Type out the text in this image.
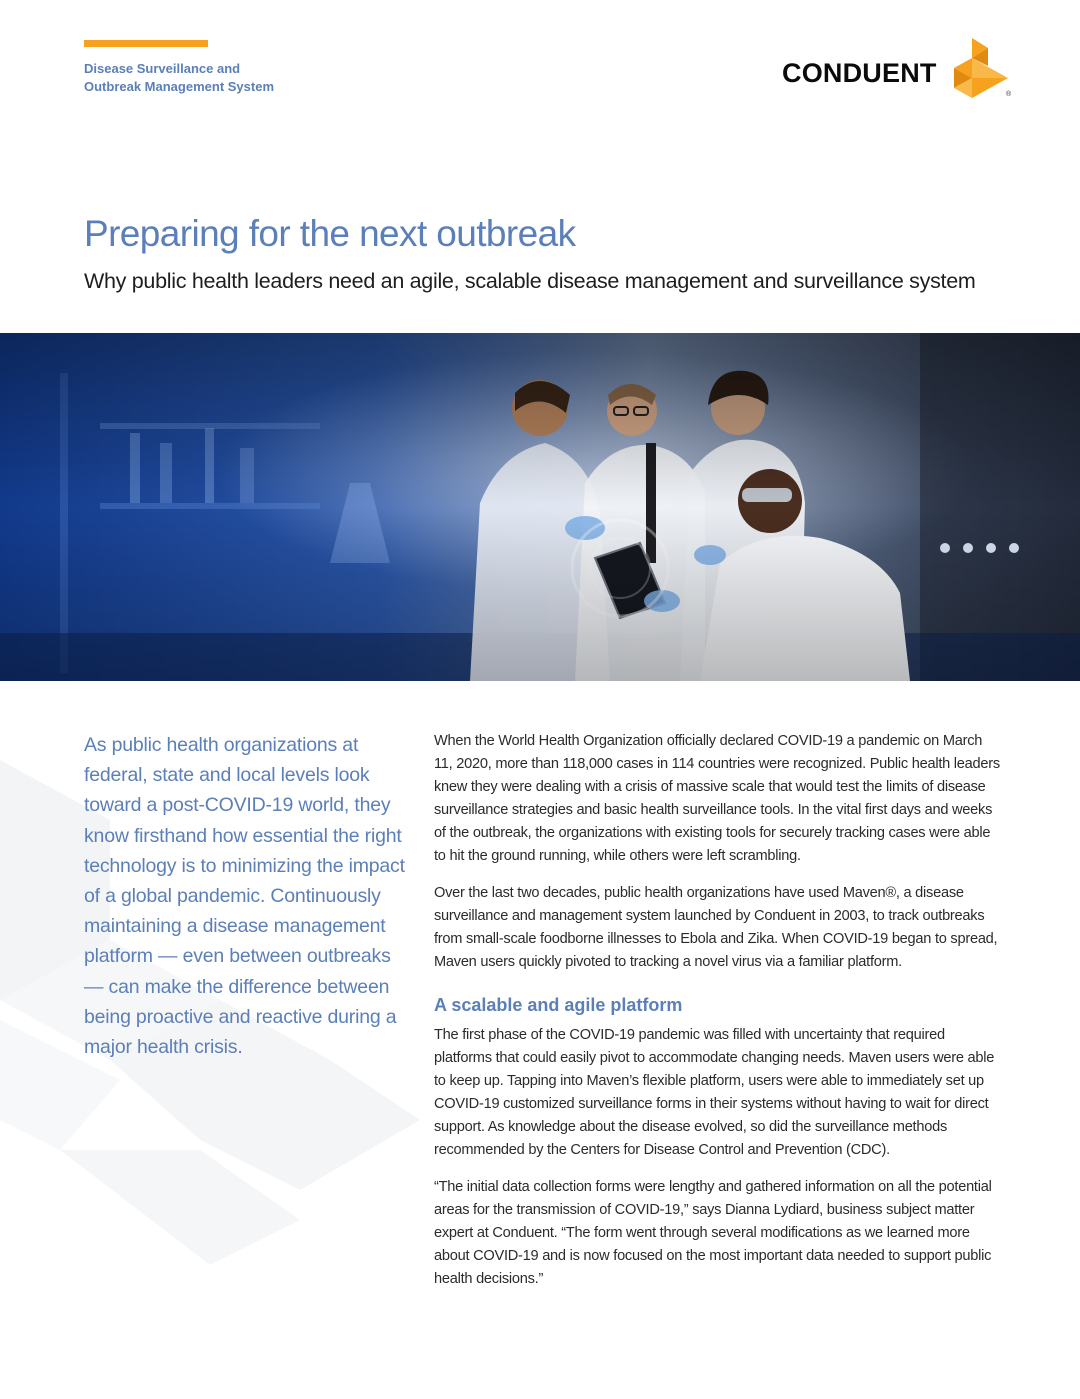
Disease Surveillance and
Outbreak Management System	CONDUENT
®
Preparing for the next outbreak

Why public health leaders need an agile, scalable disease management and surveillance system

As public health organizations at federal, state and local levels look toward a post-COVID-19 world, they know firsthand how essential the right technology is to minimizing the impact of a global pandemic. Continuously maintaining a disease management platform — even between outbreaks — can make the difference between being proactive and reactive during a major health crisis.

When the World Health Organization officially declared COVID-19 a pandemic on March 11, 2020, more than 118,000 cases in 114 countries were recognized. Public health leaders knew they were dealing with a crisis of massive scale that would test the limits of disease surveillance strategies and basic health surveillance tools. In the vital first days and weeks of the outbreak, the organizations with existing tools for securely tracking cases were able to hit the ground running, while others were left scrambling.

Over the last two decades, public health organizations have used Maven®, a disease surveillance and management system launched by Conduent in 2003, to track outbreaks from small-scale foodborne illnesses to Ebola and Zika. When COVID-19 began to spread, Maven users quickly pivoted to tracking a novel virus via a familiar platform.

A scalable and agile platform

The first phase of the COVID-19 pandemic was filled with uncertainty that required platforms that could easily pivot to accommodate changing needs. Maven users were able to keep up. Tapping into Maven’s flexible platform, users were able to immediately set up COVID-19 customized surveillance forms in their systems without having to wait for direct support. As knowledge about the disease evolved, so did the surveillance methods recommended by the Centers for Disease Control and Prevention (CDC).

“The initial data collection forms were lengthy and gathered information on all the potential areas for the transmission of COVID-19,” says Dianna Lydiard, business subject matter expert at Conduent. “The form went through several modifications as we learned more about COVID-19 and is now focused on the most important data needed to support public health decisions.”
